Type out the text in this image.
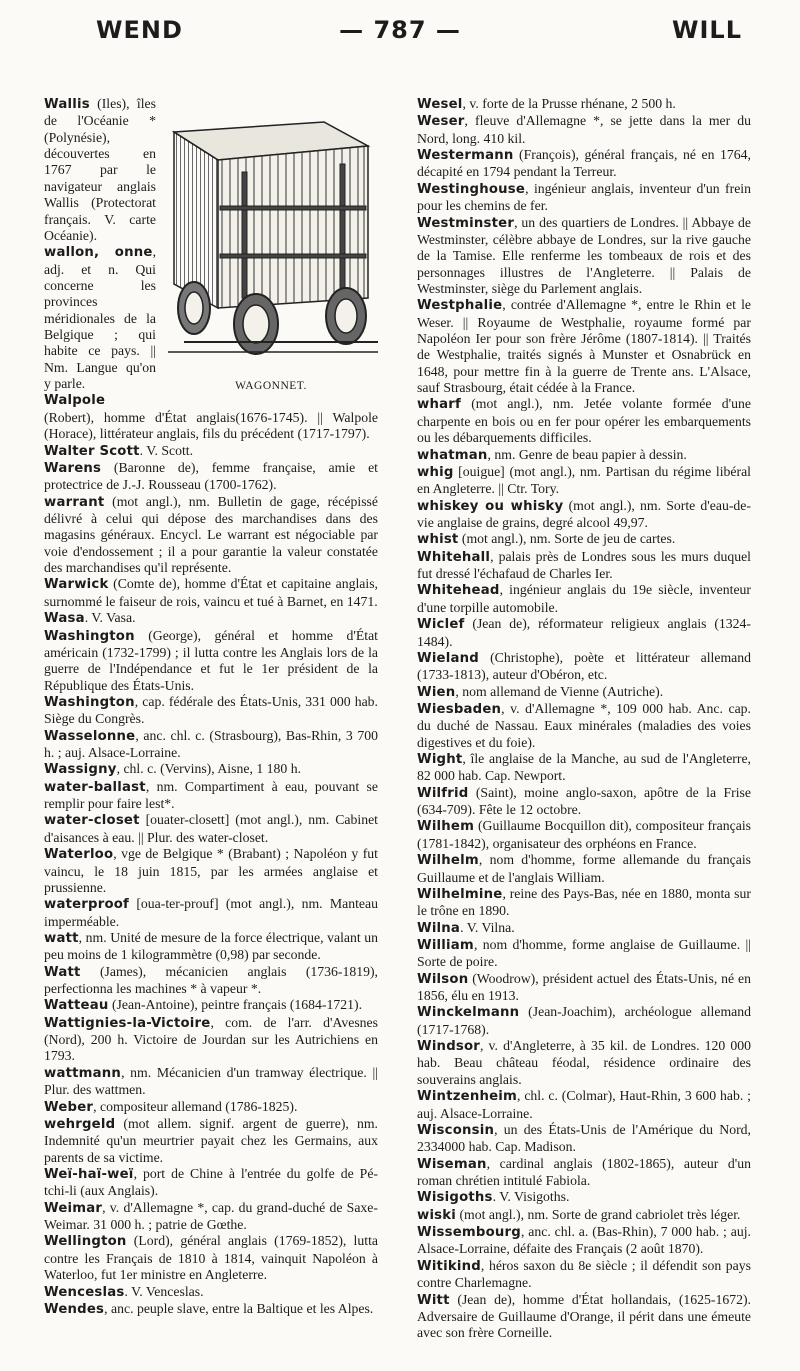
WEND	— 787 —	WILL
WAGONNET.

Wallis (Iles), îles de l'Océanie * (Polynésie), découvertes en 1767 par le navigateur anglais Wallis (Protectorat français. V. carte Océanie).

wallon, onne, adj. et n. Qui concerne les provinces méridionales de la Belgique ; qui habite ce pays. || Nm. Langue qu'on y parle.

Walpole (Robert), homme d'État anglais(1676-1745). || Walpole (Horace), littérateur anglais, fils du précédent (1717-1797).

Walter Scott. V. Scott.

Warens (Baronne de), femme française, amie et protectrice de J.-J. Rousseau (1700-1762).

warrant (mot angl.), nm. Bulletin de gage, récépissé délivré à celui qui dépose des marchandises dans des magasins généraux. Encycl. Le warrant est négociable par voie d'endossement ; il a pour garantie la valeur constatée des marchandises qu'il représente.

Warwick (Comte de), homme d'État et capitaine anglais, surnommé le faiseur de rois, vaincu et tué à Barnet, en 1471.

Wasa. V. Vasa.

Washington (George), général et homme d'État américain (1732-1799) ; il lutta contre les Anglais lors de la guerre de l'Indépendance et fut le 1er président de la République des États-Unis.

Washington, cap. fédérale des États-Unis, 331 000 hab. Siège du Congrès.

Wasselonne, anc. chl. c. (Strasbourg), Bas-Rhin, 3 700 h. ; auj. Alsace-Lorraine.

Wassigny, chl. c. (Vervins), Aisne, 1 180 h.

water-ballast, nm. Compartiment à eau, pouvant se remplir pour faire lest*.

water-closet [ouater-closett] (mot angl.), nm. Cabinet d'aisances à eau. || Plur. des water-closet.

Waterloo, vge de Belgique * (Brabant) ; Napoléon y fut vaincu, le 18 juin 1815, par les armées anglaise et prussienne.

waterproof [oua-ter-prouf] (mot angl.), nm. Manteau imperméable.

watt, nm. Unité de mesure de la force électrique, valant un peu moins de 1 kilogrammètre (0,98) par seconde.

Watt (James), mécanicien anglais (1736-1819), perfectionna les machines * à vapeur *.

Watteau (Jean-Antoine), peintre français (1684-1721).

Wattignies-la-Victoire, com. de l'arr. d'Avesnes (Nord), 200 h. Victoire de Jourdan sur les Autrichiens en 1793.

wattmann, nm. Mécanicien d'un tramway électrique. || Plur. des wattmen.

Weber, compositeur allemand (1786-1825).

wehrgeld (mot allem. signif. argent de guerre), nm. Indemnité qu'un meurtrier payait chez les Germains, aux parents de sa victime.

Weï-haï-weï, port de Chine à l'entrée du golfe de Pé-tchi-li (aux Anglais).

Weimar, v. d'Allemagne *, cap. du grand-duché de Saxe-Weimar. 31 000 h. ; patrie de Gœthe.

Wellington (Lord), général anglais (1769-1852), lutta contre les Français de 1810 à 1814, vainquit Napoléon à Waterloo, fut 1er ministre en Angleterre.

Wenceslas. V. Venceslas.

Wendes, anc. peuple slave, entre la Baltique et les Alpes.

Wesel, v. forte de la Prusse rhénane, 2 500 h.

Weser, fleuve d'Allemagne *, se jette dans la mer du Nord, long. 410 kil.

Westermann (François), général français, né en 1764, décapité en 1794 pendant la Terreur.

Westinghouse, ingénieur anglais, inventeur d'un frein pour les chemins de fer.

Westminster, un des quartiers de Londres. || Abbaye de Westminster, célèbre abbaye de Londres, sur la rive gauche de la Tamise. Elle renferme les tombeaux de rois et des personnages illustres de l'Angleterre. || Palais de Westminster, siège du Parlement anglais.

Westphalie, contrée d'Allemagne *, entre le Rhin et le Weser. || Royaume de Westphalie, royaume formé par Napoléon Ier pour son frère Jérôme (1807-1814). || Traités de Westphalie, traités signés à Munster et Osnabrück en 1648, pour mettre fin à la guerre de Trente ans. L'Alsace, sauf Strasbourg, était cédée à la France.

wharf (mot angl.), nm. Jetée volante formée d'une charpente en bois ou en fer pour opérer les embarquements ou les débarquements difficiles.

whatman, nm. Genre de beau papier à dessin.

whig [ouigue] (mot angl.), nm. Partisan du régime libéral en Angleterre. || Ctr. Tory.

whiskey ou whisky (mot angl.), nm. Sorte d'eau-de-vie anglaise de grains, degré alcool 49,97.

whist (mot angl.), nm. Sorte de jeu de cartes.

Whitehall, palais près de Londres sous les murs duquel fut dressé l'échafaud de Charles Ier.

Whitehead, ingénieur anglais du 19e siècle, inventeur d'une torpille automobile.

Wiclef (Jean de), réformateur religieux anglais (1324-1484).

Wieland (Christophe), poète et littérateur allemand (1733-1813), auteur d'Obéron, etc.

Wien, nom allemand de Vienne (Autriche).

Wiesbaden, v. d'Allemagne *, 109 000 hab. Anc. cap. du duché de Nassau. Eaux minérales (maladies des voies digestives et du foie).

Wight, île anglaise de la Manche, au sud de l'Angleterre, 82 000 hab. Cap. Newport.

Wilfrid (Saint), moine anglo-saxon, apôtre de la Frise (634-709). Fête le 12 octobre.

Wilhem (Guillaume Bocquillon dit), compositeur français (1781-1842), organisateur des orphéons en France.

Wilhelm, nom d'homme, forme allemande du français Guillaume et de l'anglais William.

Wilhelmine, reine des Pays-Bas, née en 1880, monta sur le trône en 1890.

Wilna. V. Vilna.

William, nom d'homme, forme anglaise de Guillaume. || Sorte de poire.

Wilson (Woodrow), président actuel des États-Unis, né en 1856, élu en 1913.

Winckelmann (Jean-Joachim), archéologue allemand (1717-1768).

Windsor, v. d'Angleterre, à 35 kil. de Londres. 120 000 hab. Beau château féodal, résidence ordinaire des souverains anglais.

Wintzenheim, chl. c. (Colmar), Haut-Rhin, 3 600 hab. ; auj. Alsace-Lorraine.

Wisconsin, un des États-Unis de l'Amérique du Nord, 2334000 hab. Cap. Madison.

Wiseman, cardinal anglais (1802-1865), auteur d'un roman chrétien intitulé Fabiola.

Wisigoths. V. Visigoths.

wiski (mot angl.), nm. Sorte de grand cabriolet très léger.

Wissembourg, anc. chl. a. (Bas-Rhin), 7 000 hab. ; auj. Alsace-Lorraine, défaite des Français (2 août 1870).

Witikind, héros saxon du 8e siècle ; il défendit son pays contre Charlemagne.

Witt (Jean de), homme d'État hollandais, (1625-1672). Adversaire de Guillaume d'Orange, il périt dans une émeute avec son frère Corneille.
